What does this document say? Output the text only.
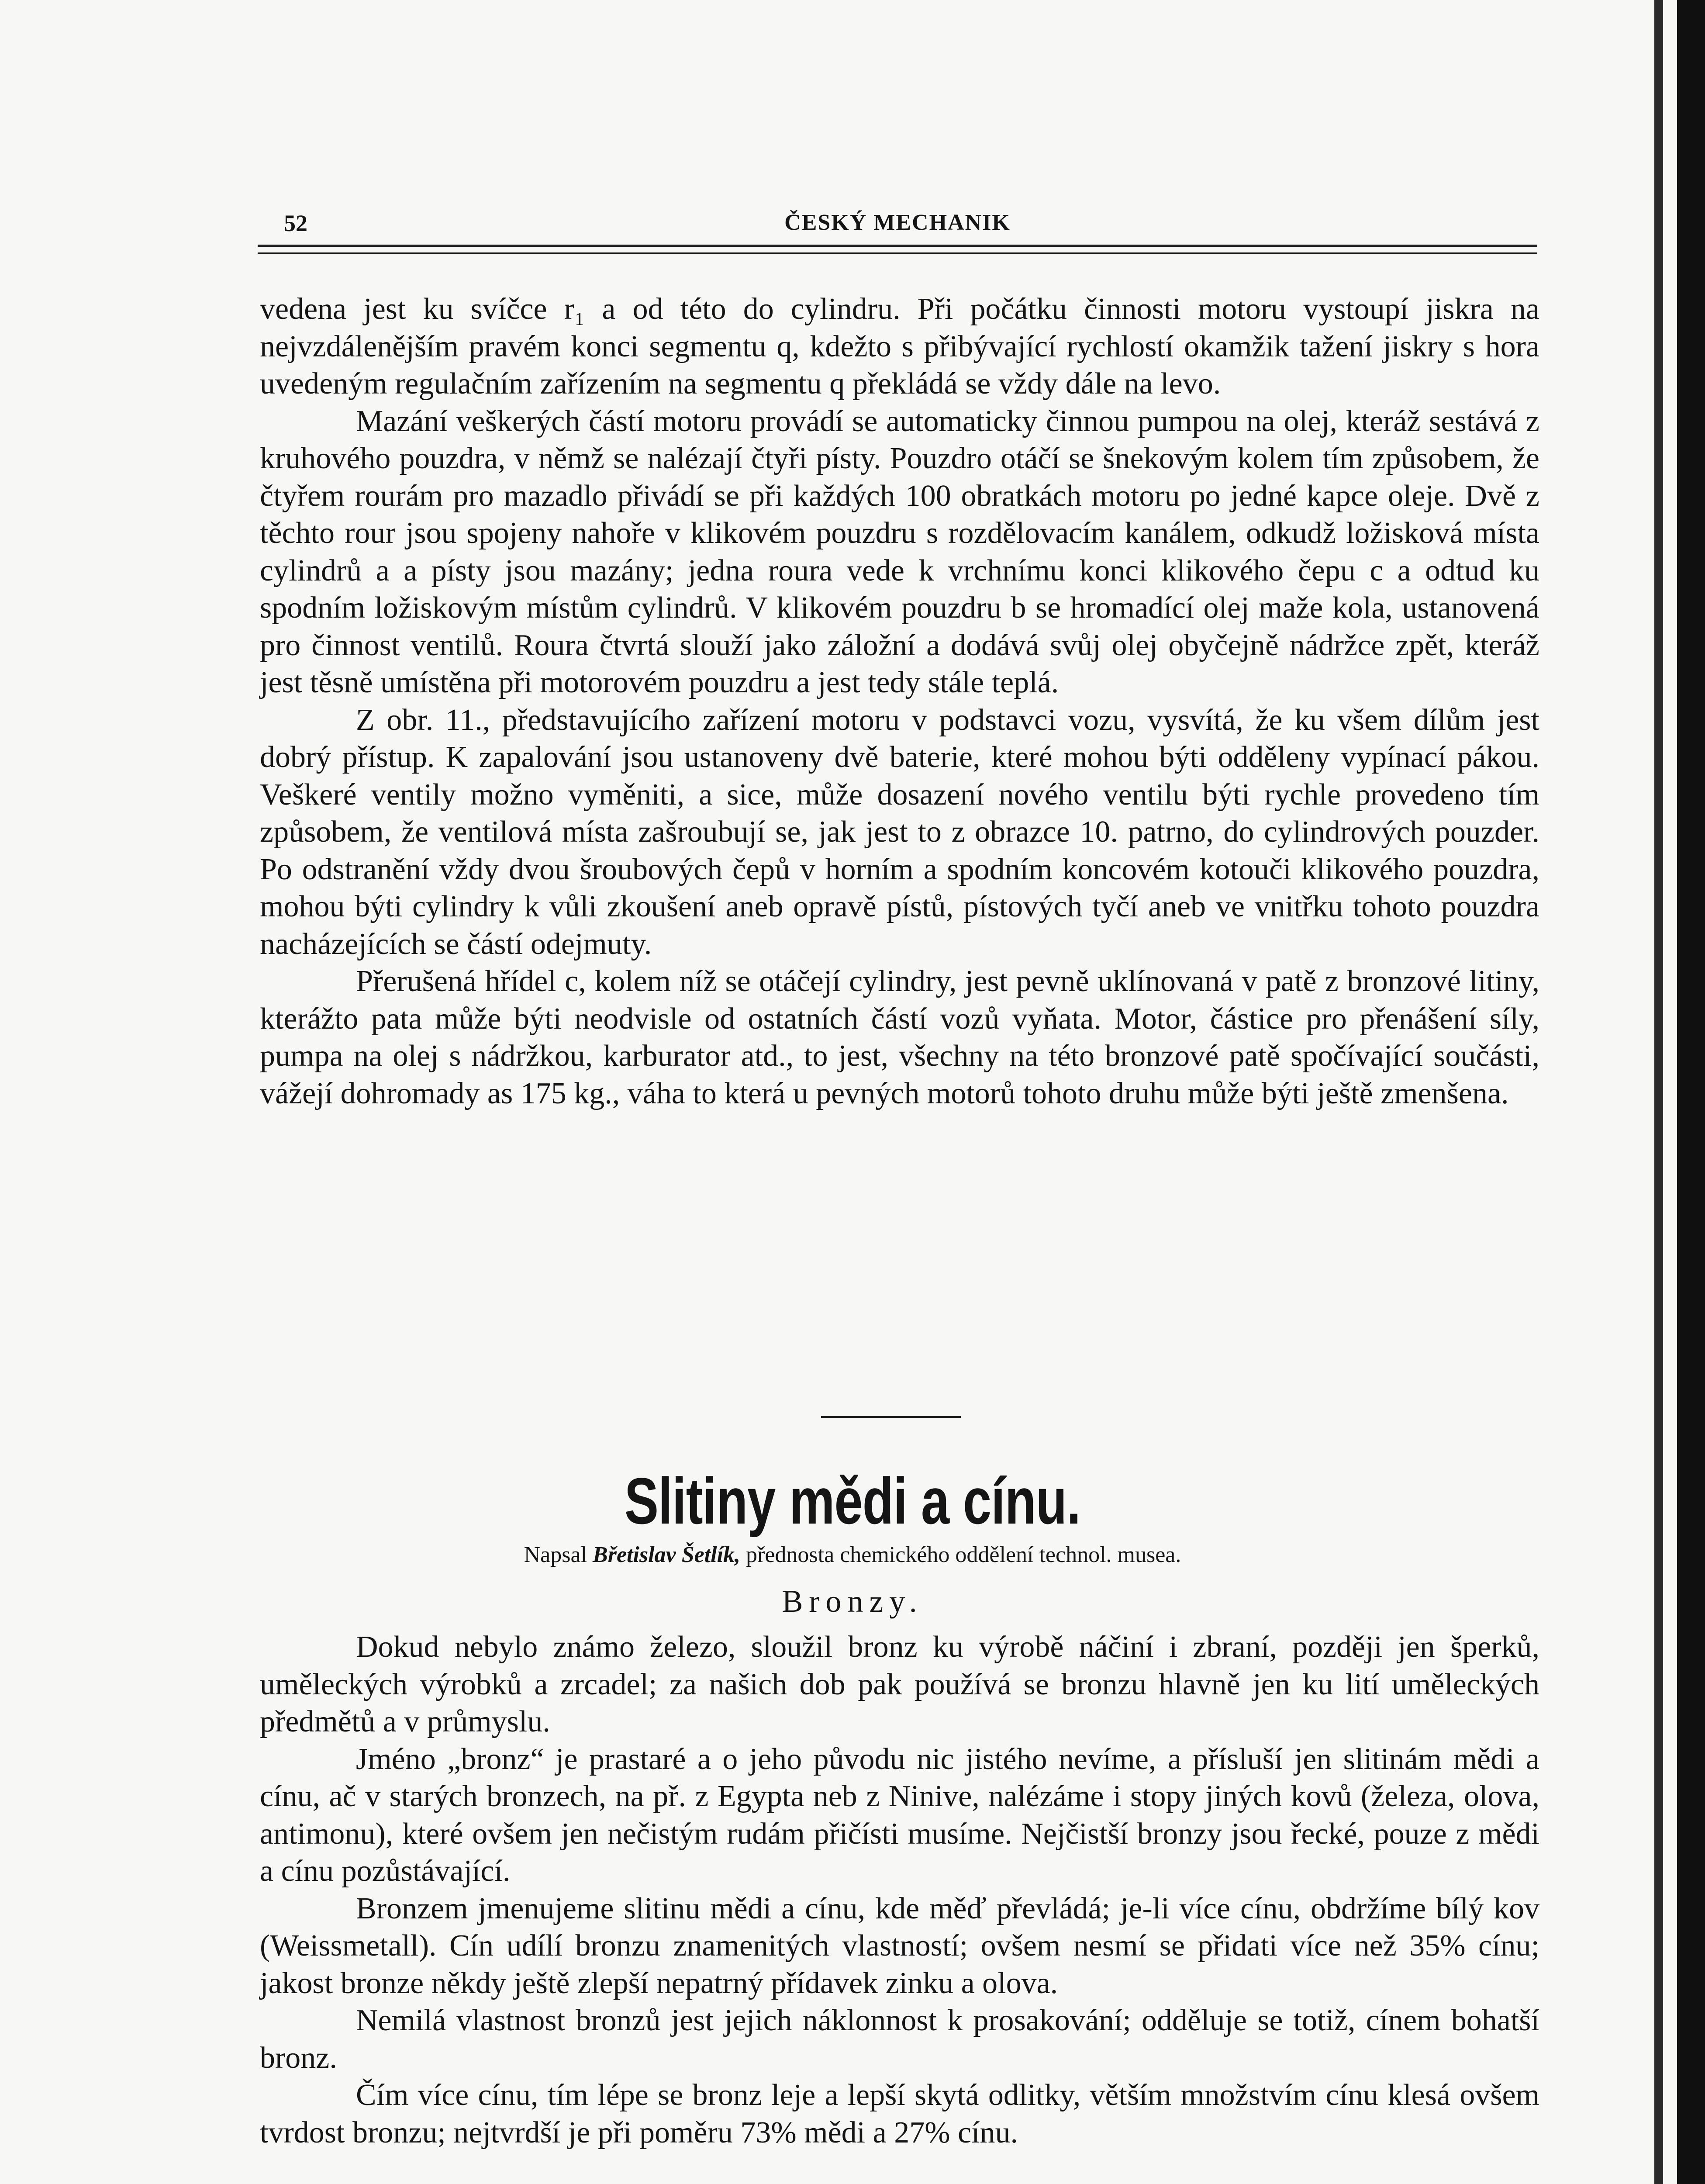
52	ČESKÝ MECHANIK

vedena jest ku svíčce r₁ a od této do cylindru. Při počátku činnosti motoru vystoupí jiskra na nejvzdálenějším pravém konci segmentu q, kdežto s přibývající rychlostí okamžik tažení jiskry s hora uvedeným regulačním zařízením na segmentu q překládá se vždy dále na levo.

Mazání veškerých částí motoru provádí se automaticky činnou pumpou na olej, kteráž sestává z kruhového pouzdra, v němž se nalézají čtyři písty. Pouzdro otáčí se šnekovým kolem tím způsobem, že čtyřem rourám pro mazadlo přivádí se při každých 100 obratkách motoru po jedné kapce oleje. Dvě z těchto rour jsou spojeny nahoře v klikovém pouzdru s rozdělovacím kanálem, odkudž ložisková místa cylindrů a a písty jsou mazány; jedna roura vede k vrchnímu konci klikového čepu c a odtud ku spodním ložiskovým místům cylindrů. V klikovém pouzdru b se hromadící olej maže kola, ustanovená pro činnost ventilů. Roura čtvrtá slouží jako záložní a dodává svůj olej obyčejně nádržce zpět, kteráž jest těsně umístěna při motorovém pouzdru a jest tedy stále teplá.

Z obr. 11., představujícího zařízení motoru v podstavci vozu, vysvítá, že ku všem dílům jest dobrý přístup. K zapalování jsou ustanoveny dvě baterie, které mohou býti odděleny vypínací pákou. Veškeré ventily možno vyměniti, a sice, může dosazení nového ventilu býti rychle provedeno tím způsobem, že ventilová místa zašroubují se, jak jest to z obrazce 10. patrno, do cylindrových pouzder. Po odstranění vždy dvou šroubových čepů v horním a spodním koncovém kotouči klikového pouzdra, mohou býti cylindry k vůli zkoušení aneb opravě pístů, pístových tyčí aneb ve vnitřku tohoto pouzdra nacházejících se částí odejmuty.

Přerušená hřídel c, kolem níž se otáčejí cylindry, jest pevně uklínovaná v patě z bronzové litiny, kterážto pata může býti neodvisle od ostatních částí vozů vyňata. Motor, částice pro přenášení síly, pumpa na olej s nádržkou, karburator atd., to jest, všechny na této bronzové patě spočívající součásti, vážejí dohromady as 175 kg., váha to která u pevných motorů tohoto druhu může býti ještě zmenšena.

Slitiny mědi a cínu.
Napsal Břetislav Šetlík, přednosta chemického oddělení technol. musea.
Bronzy.

Dokud nebylo známo železo, sloužil bronz ku výrobě náčiní i zbraní, později jen šperků, uměleckých výrobků a zrcadel; za našich dob pak používá se bronzu hlavně jen ku lití uměleckých předmětů a v průmyslu.

Jméno „bronz“ je prastaré a o jeho původu nic jistého nevíme, a přísluší jen slitinám mědi a cínu, ač v starých bronzech, na př. z Egypta neb z Ninive, nalézáme i stopy jiných kovů (železa, olova, antimonu), které ovšem jen nečistým rudám přičísti musíme. Nejčistší bronzy jsou řecké, pouze z mědi a cínu pozůstávající.

Bronzem jmenujeme slitinu mědi a cínu, kde měď převládá; je-li více cínu, obdržíme bílý kov (Weissmetall). Cín udílí bronzu znamenitých vlastností; ovšem nesmí se přidati více než 35% cínu; jakost bronze někdy ještě zlepší nepatrný přídavek zinku a olova.

Nemilá vlastnost bronzů jest jejich náklonnost k prosakování; odděluje se totiž, cínem bohatší bronz.

Čím více cínu, tím lépe se bronz leje a lepší skytá odlitky, větším množstvím cínu klesá ovšem tvrdost bronzu; nejtvrdší je při poměru 73% mědi a 27% cínu.
